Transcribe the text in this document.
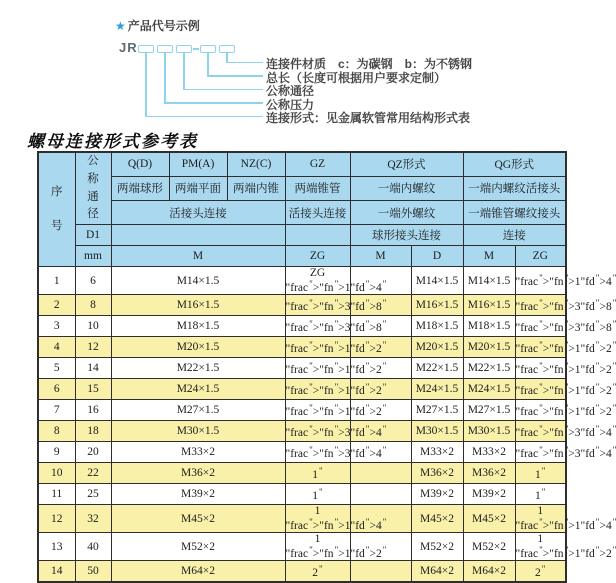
★ 产品代号示例
JR
连接件材质　c：为碳钢　b：为不锈钢
总长（长度可根据用户要求定制）
公称通径
公称压力
连接形式：见金属软管常用结构形式表
螺母连接形式参考表
序号	公称通径	Q(D)	PM(A)	NZ(C)	GZ	QZ形式		QG形式	
		两端球形	两端平面	两端内锥	两端锥管	一端内螺纹		一端内螺纹活接头	
		活接头连接			活接头连接	一端外螺纹		一端锥管螺纹接头	
	D1					球形接头连接		连接	
	mm	M			ZG	M	D	M	ZG
1	6	M14×1.5			ZG "frac">"fn">1" " "		M14×1.5	M14×1.5	"frac">"fn">1"fd">4
2	8	M16×1.5			"frac">"fn">3" " "		M16×1.5	M16×1.5	"frac">"fn">3"fd">8
3	10	M18×1.5			"frac">"fn">3" " "		M18×1.5	M18×1.5	"frac">"fn">3"fd">8
4	12	M20×1.5			"frac">"fn">1" " "		M20×1.5	M20×1.5	"frac">"fn">1"fd">2
5	14	M22×1.5			"frac">"fn">1" " "		M22×1.5	M22×1.5	"frac">"fn">1"fd">2
6	15	M24×1.5			"frac">"fn">1" " "		M24×1.5	M24×1.5	"frac">"fn">1"fd">2
7	16	M27×1.5			"frac">"fn">1" " "		M27×1.5	M27×1.5	"frac">"fn">1"fd">2
8	18	M30×1.5			"frac">"fn">3" " "		M30×1.5	M30×1.5	"frac">"fn">3"fd">4
9	20	M33×2			"frac">"fn">3" " "		M33×2	M33×2	"frac">"fn">3"fd">4
10	22	M36×2			1"		M36×2	M36×2	1"
11	25	M39×2			1"		M39×2	M39×2	1"
12	32	M45×2			1 "frac">"fn">1" " "		M45×2	M45×2	1 "frac">"fn">1"fd">4
13	40	M52×2			1 "frac">"fn">1" " "		M52×2	M52×2	1 "frac">"fn">1"fd">2
14	50	M64×2			2"		M64×2	M64×2	2"
